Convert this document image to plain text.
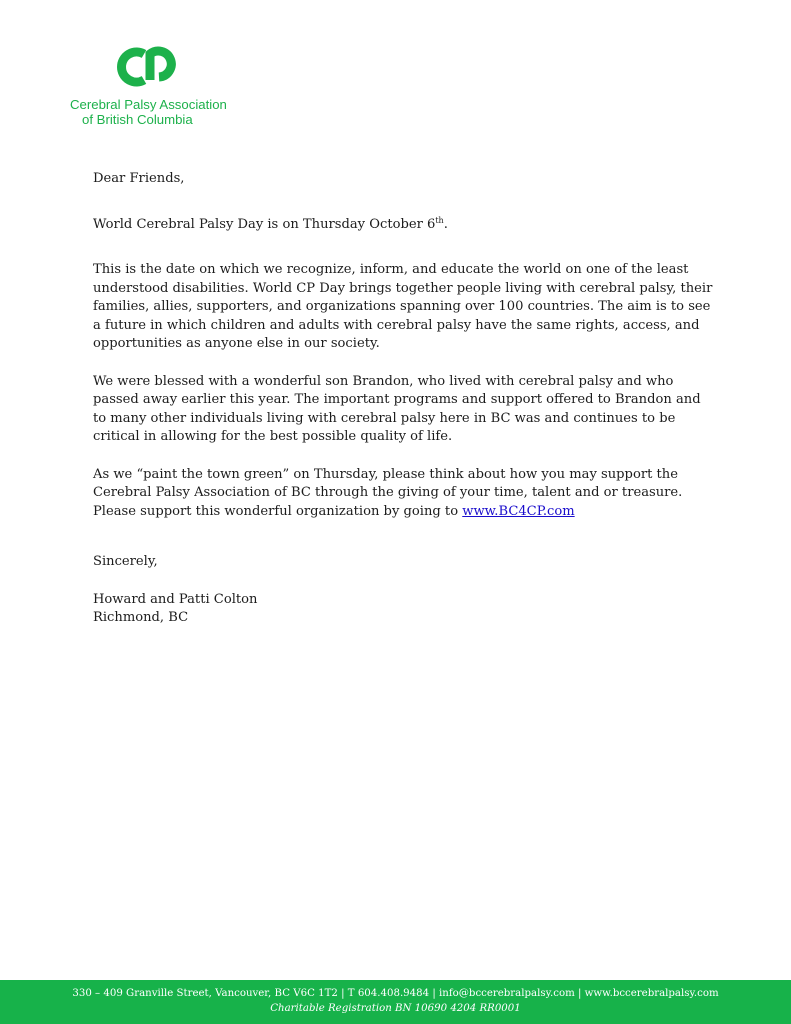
Cerebral Palsy Association
of British Columbia

Dear Friends,

World Cerebral Palsy Day is on Thursday October 6th.

This is the date on which we recognize, inform, and educate the world on one of the least understood disabilities. World CP Day brings together people living with cerebral palsy, their families, allies, supporters, and organizations spanning over 100 countries. The aim is to see a future in which children and adults with cerebral palsy have the same rights, access, and opportunities as anyone else in our society.

We were blessed with a wonderful son Brandon, who lived with cerebral palsy and who passed away earlier this year. The important programs and support offered to Brandon and to many other individuals living with cerebral palsy here in BC was and continues to be critical in allowing for the best possible quality of life.

As we “paint the town green” on Thursday, please think about how you may support the Cerebral Palsy Association of BC through the giving of your time, talent and or treasure. Please support this wonderful organization by going to www.BC4CP.com

Sincerely,

Howard and Patti Colton

Richmond, BC

330 – 409 Granville Street, Vancouver, BC V6C 1T2 | T 604.408.9484 | info@bccerebralpalsy.com | www.bccerebralpalsy.com
Charitable Registration BN 10690 4204 RR0001
